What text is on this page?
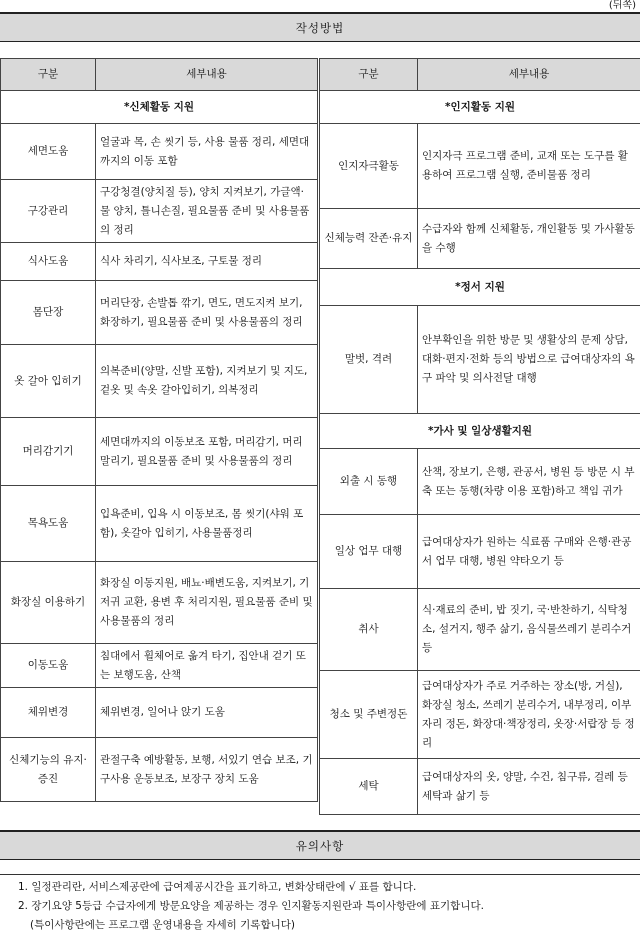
(뒤쪽)
작성방법
구분	세부내용
*신체활동 지원	
세면도움	얼굴과 목, 손 씻기 등, 사용 물품 정리, 세면대까지의 이동 포함
구강관리	구강청결(양치질 등), 양치 지켜보기, 가글액·물 양치, 틀니손질, 필요물품 준비 및 사용물품의 정리
식사도움	식사 차리기, 식사보조, 구토물 정리
몸단장	머리단장, 손발톱 깎기, 면도, 면도지켜 보기, 화장하기, 필요물품 준비 및 사용물품의 정리
옷 갈아 입히기	의복준비(양말, 신발 포함), 지켜보기 및 지도, 겉옷 및 속옷 갈아입히기, 의복정리
머리감기기	세면대까지의 이동보조 포함, 머리감기, 머리 말리기, 필요물품 준비 및 사용물품의 정리
목욕도움	입욕준비, 입욕 시 이동보조, 몸 씻기(샤워 포함), 옷갈아 입히기, 사용물품정리
화장실 이용하기	화장실 이동지원, 배뇨·배변도움, 지켜보기, 기저귀 교환, 용변 후 처리지원, 필요물품 준비 및 사용물품의 정리
이동도움	침대에서 휠체어로 옮겨 타기, 집안내 걷기 또는 보행도움, 산책
체위변경	체위변경, 일어나 앉기 도움
신체기능의 유지·증진	관절구축 예방활동, 보행, 서있기 연습 보조, 기구사용 운동보조, 보장구 장치 도움
구분	세부내용
*인지활동 지원	
인지자극활동	인지자극 프로그램 준비, 교재 또는 도구를 활용하여 프로그램 실행, 준비물품 정리
신체능력 잔존·유지	수급자와 함께 신체활동, 개인활동 및 가사활동을 수행
*정서 지원	
말벗, 격려	안부확인을 위한 방문 및 생활상의 문제 상담, 대화·편지·전화 등의 방법으로 급여대상자의 욕구 파악 및 의사전달 대행
*가사 및 일상생활지원	
외출 시 동행	산책, 장보기, 은행, 관공서, 병원 등 방문 시 부축 또는 동행(차량 이용 포함)하고 책임 귀가
일상 업무 대행	급여대상자가 원하는 식료품 구매와 은행·관공서 업무 대행, 병원 약타오기 등
취사	식·재료의 준비, 밥 짓기, 국·반찬하기, 식탁청소, 설거지, 행주 삶기, 음식물쓰레기 분리수거 등
청소 및 주변정돈	급여대상자가 주로 거주하는 장소(방, 거실), 화장실 청소, 쓰레기 분리수거, 내부정리, 이부자리 정돈, 화장대·책장정리, 옷장·서랍장 등 정리
세탁	급여대상자의 옷, 양말, 수건, 침구류, 걸레 등 세탁과 삶기 등
유의사항
1. 일정관리란, 서비스제공란에 급여제공시간을 표기하고, 변화상태란에 √ 표를 합니다.
2. 장기요양 5등급 수급자에게 방문요양을 제공하는 경우 인지활동지원란과 특이사항란에 표기합니다.
(특이사항란에는 프로그램 운영내용을 자세히 기록합니다)
